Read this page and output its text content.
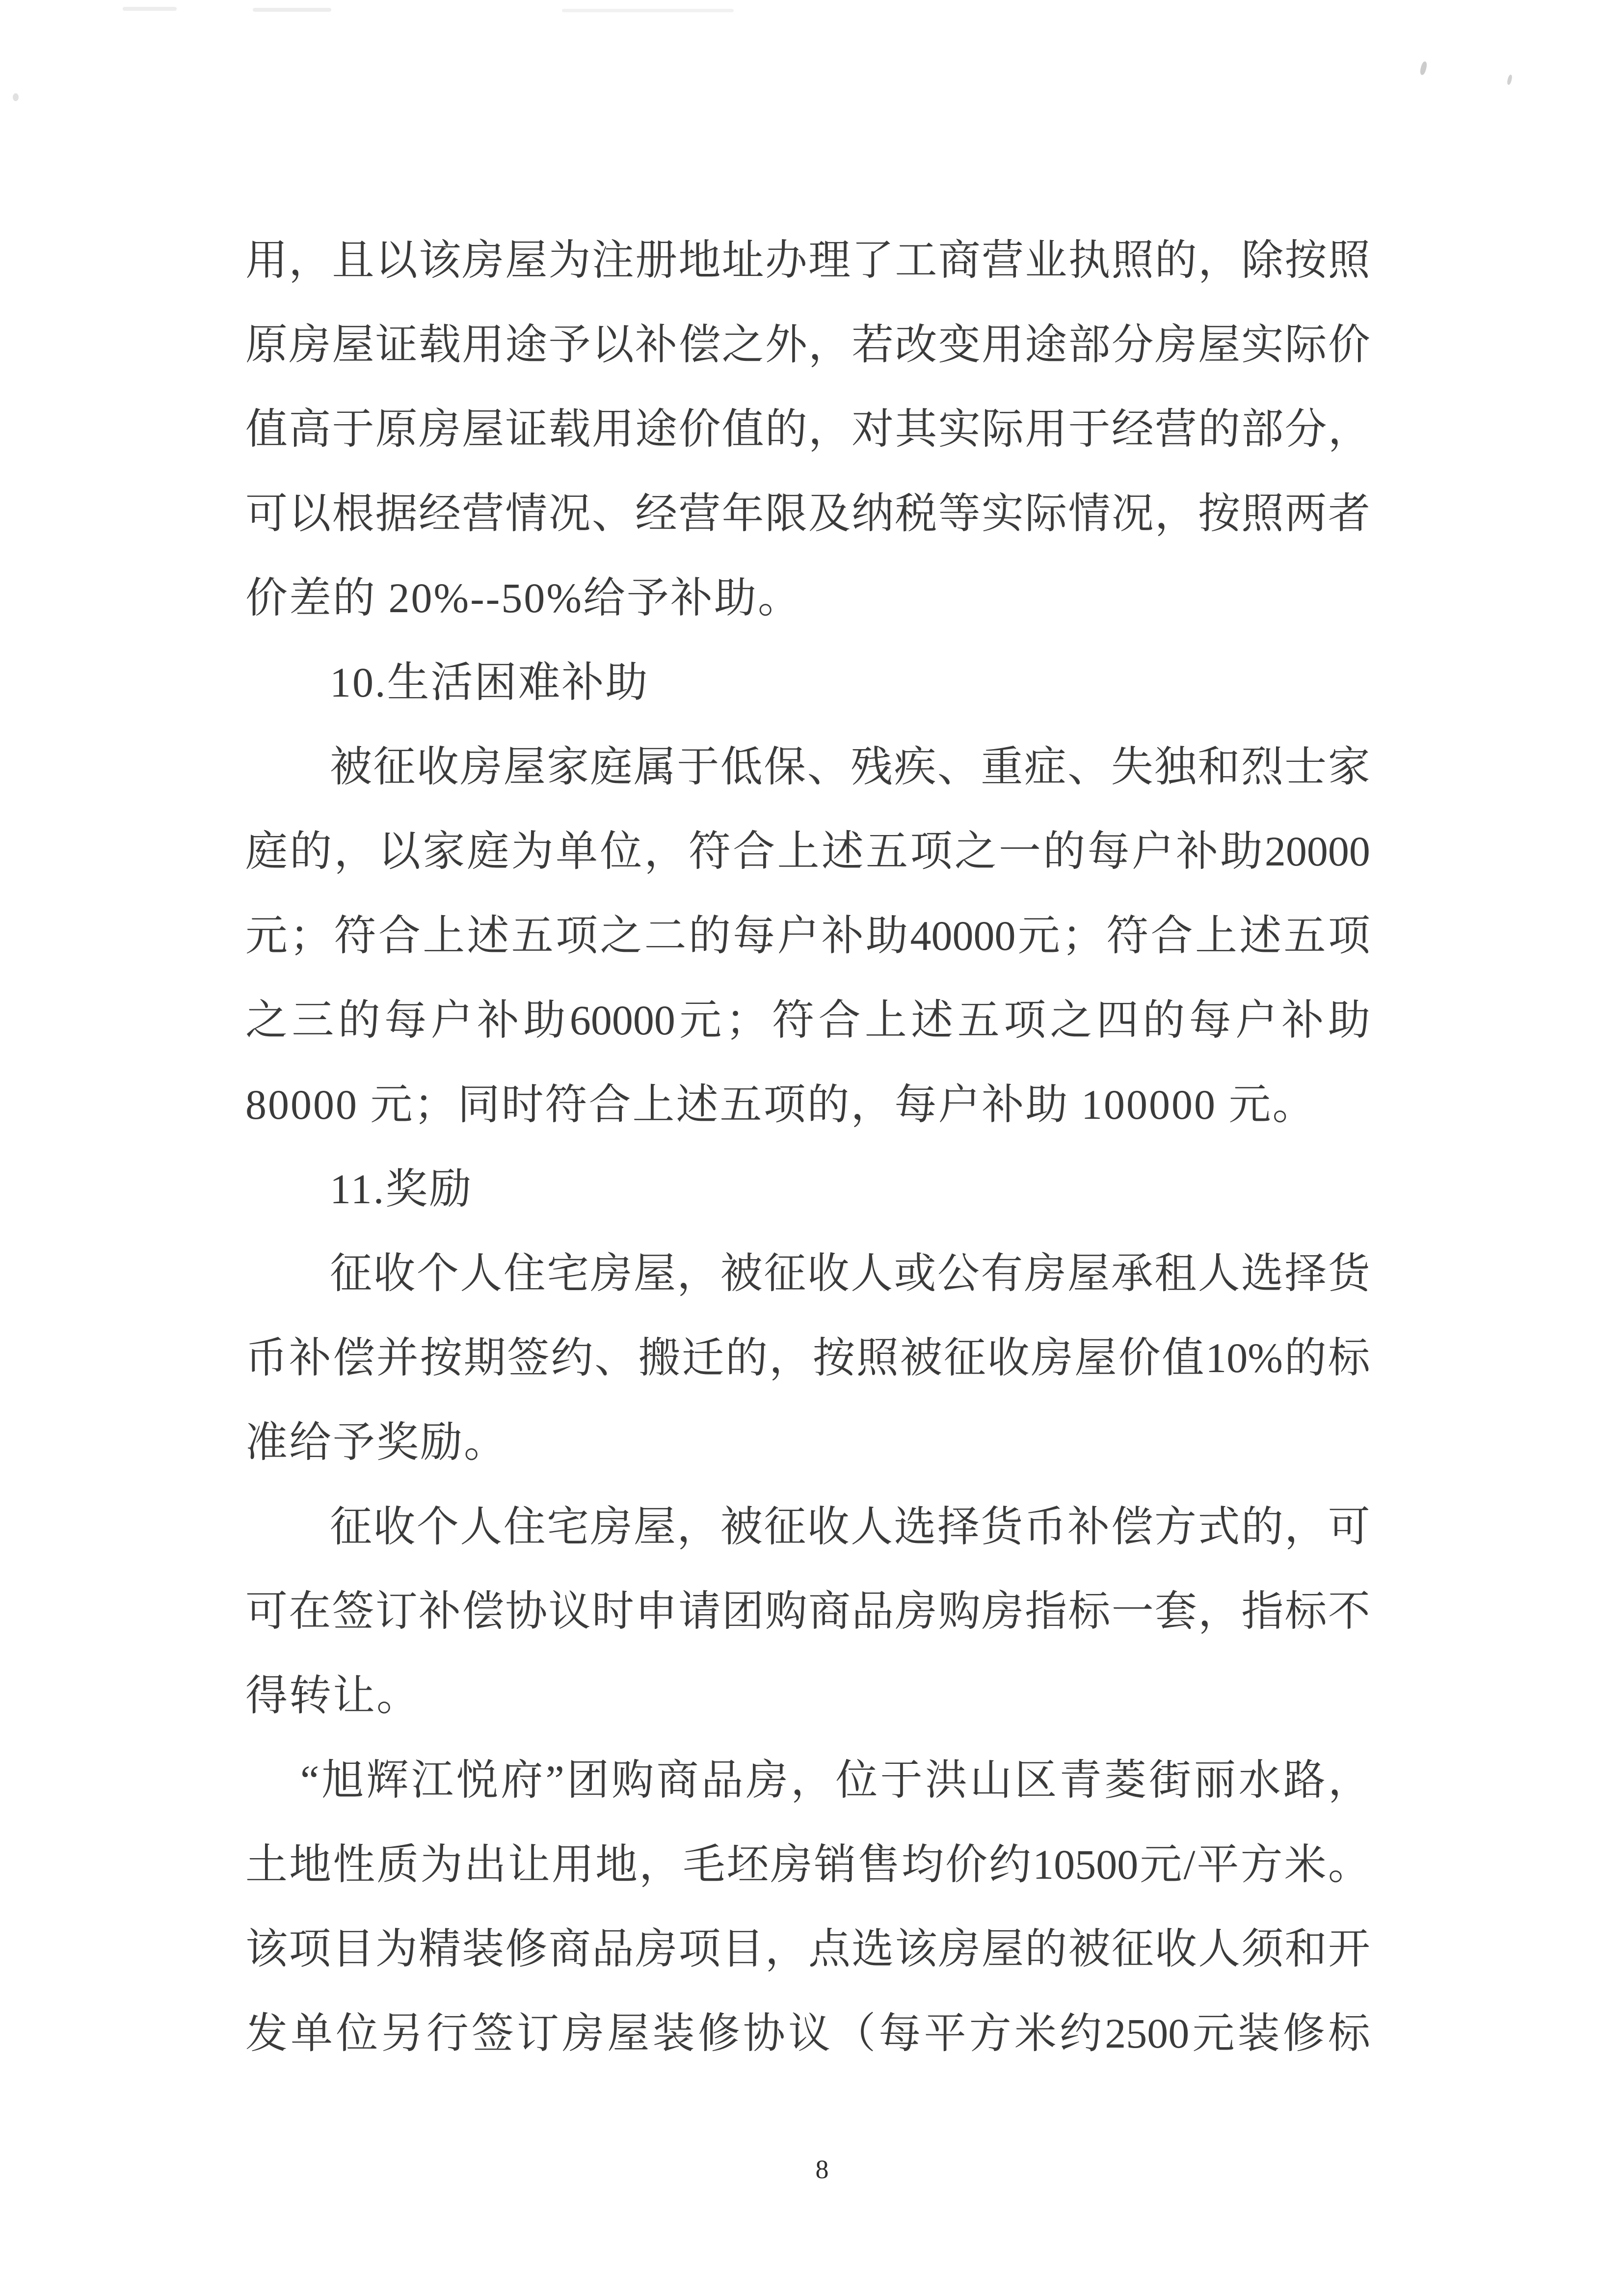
用 ， 且 以 该 房 屋 为 注 册 地 址 办 理 了 工 商 营 业 执 照 的 ， 除 按 照
原 房 屋 证 载 用 途 予 以 补 偿 之 外 ， 若 改 变 用 途 部 分 房 屋 实 际 价
值 高 于 原 房 屋 证 载 用 途 价 值 的 ， 对 其 实 际 用 于 经 营 的 部 分 ，
可 以 根 据 经 营 情 况 、 经 营 年 限 及 纳 税 等 实 际 情 况 ， 按 照 两 者
价差的 20%--50%给予补助。
10.生活困难补助
被 征 收 房 屋 家 庭 属 于 低 保 、 残 疾 、 重 症 、 失 独 和 烈 士 家
庭 的 ， 以 家 庭 为 单 位 ， 符 合 上 述 五 项 之 一 的 每 户 补 助 20000
元 ； 符 合 上 述 五 项 之 二 的 每 户 补 助 40000 元 ； 符 合 上 述 五 项
之 三 的 每 户 补 助 60000 元 ； 符 合 上 述 五 项 之 四 的 每 户 补 助
80000 元；同时符合上述五项的，每户补助 100000 元。
11.奖励
征 收 个 人 住 宅 房 屋 ， 被 征 收 人 或 公 有 房 屋 承 租 人 选 择 货
币 补 偿 并 按 期 签 约 、 搬 迁 的 ， 按 照 被 征 收 房 屋 价 值 10% 的 标
准给予奖励。
征 收 个 人 住 宅 房 屋 ， 被 征 收 人 选 择 货 币 补 偿 方 式 的 ， 可
可 在 签 订 补 偿 协 议 时 申 请 团 购 商 品 房 购 房 指 标 一 套 ， 指 标 不
得转让。
“ 旭 辉 江 悦 府 ” 团 购 商 品 房 ， 位 于 洪 山 区 青 菱 街 丽 水 路 ，
土 地 性 质 为 出 让 用 地 ， 毛 坯 房 销 售 均 价 约 10500 元 / 平 方 米 。
该 项 目 为 精 装 修 商 品 房 项 目 ， 点 选 该 房 屋 的 被 征 收 人 须 和 开
发 单 位 另 行 签 订 房 屋 装 修 协 议 （ 每 平 方 米 约 2500 元 装 修 标
8
